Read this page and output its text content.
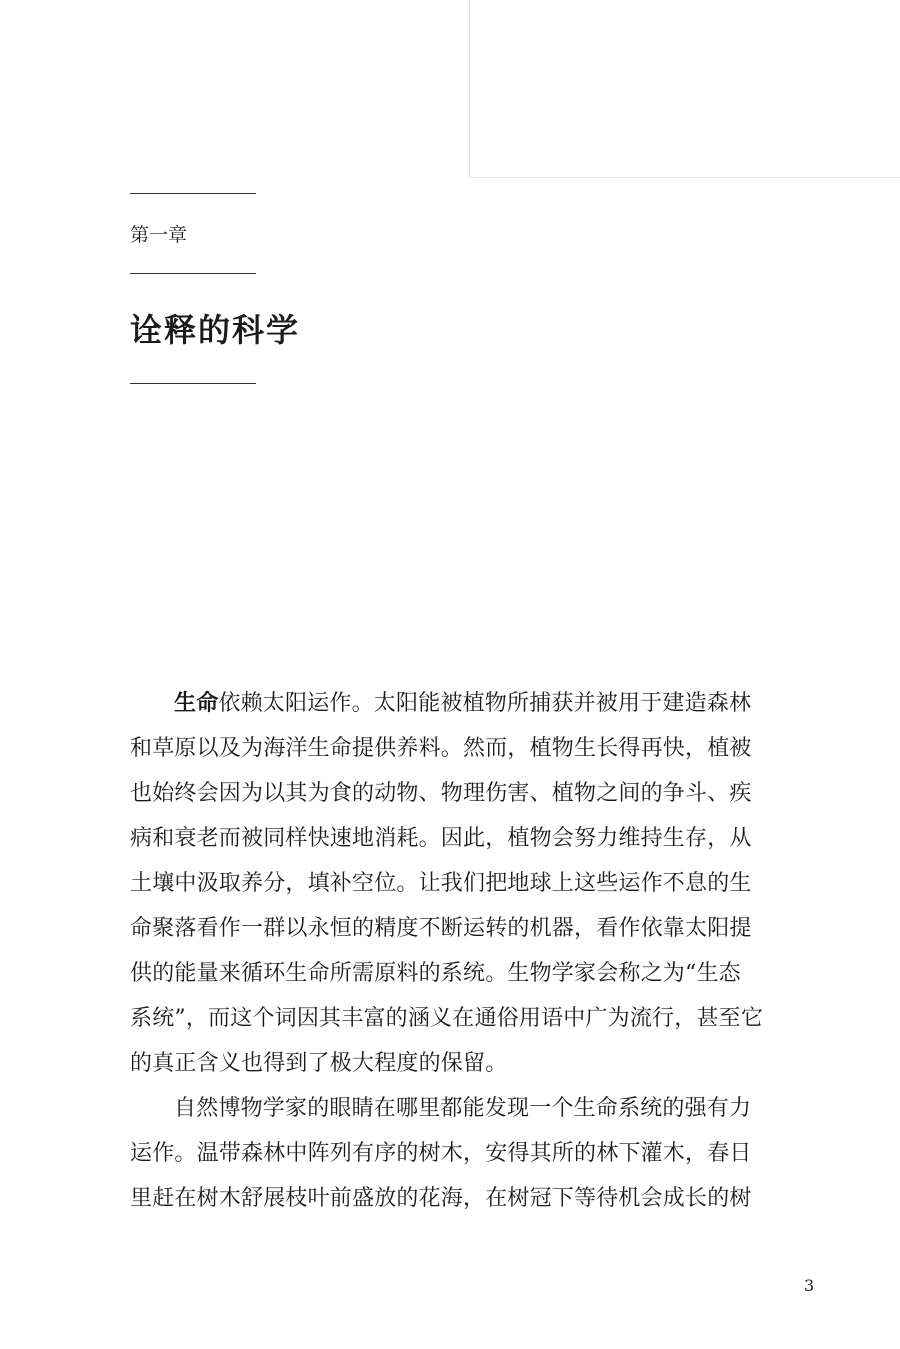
第一章
诠释的科学
生命依赖太阳运作。太阳能被植物所捕获并被用于建造森林
和草原以及为海洋生命提供养料。然而，植物生长得再快，植被
也始终会因为以其为食的动物、物理伤害、植物之间的争斗、疾
病和衰老而被同样快速地消耗。因此，植物会努力维持生存，从
土壤中汲取养分，填补空位。让我们把地球上这些运作不息的生
命聚落看作一群以永恒的精度不断运转的机器，看作依靠太阳提
供的能量来循环生命所需原料的系统。生物学家会称之为“生态
系统”，而这个词因其丰富的涵义在通俗用语中广为流行，甚至它
的真正含义也得到了极大程度的保留。
自然博物学家的眼睛在哪里都能发现一个生命系统的强有力
运作。温带森林中阵列有序的树木，安得其所的林下灌木，春日
里赶在树木舒展枝叶前盛放的花海，在树冠下等待机会成长的树
3
